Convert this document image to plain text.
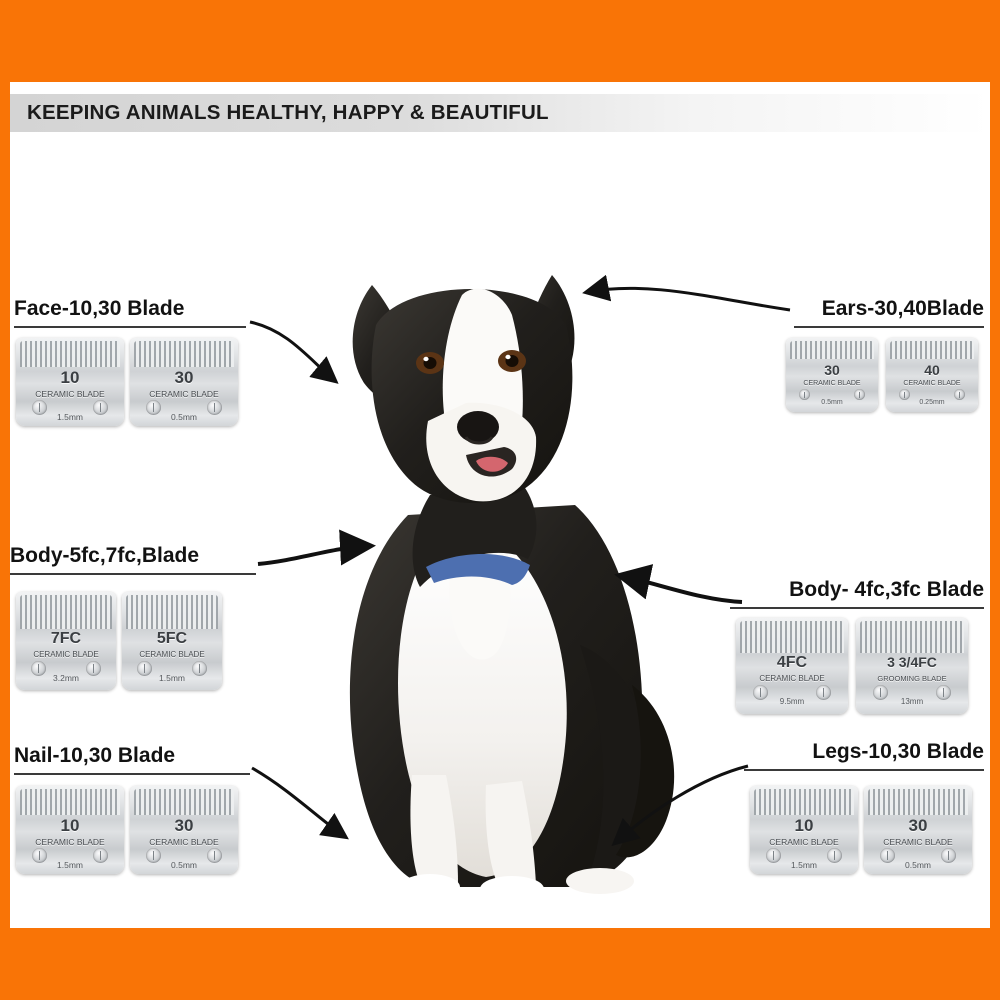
KEEPING ANIMALS HEALTHY, HAPPY & BEAUTIFUL
Face-10,30 Blade
10
CERAMIC BLADE
1.5mm
30
CERAMIC BLADE
0.5mm
Ears-30,40Blade
30
CERAMIC BLADE
0.5mm
40
CERAMIC BLADE
0.25mm
Body-5fc,7fc,Blade
7FC
CERAMIC BLADE
3.2mm
5FC
CERAMIC BLADE
1.5mm
Body- 4fc,3fc Blade
4FC
CERAMIC BLADE
9.5mm
3 3/4FC
GROOMING BLADE
13mm
Nail-10,30 Blade
10
CERAMIC BLADE
1.5mm
30
CERAMIC BLADE
0.5mm
Legs-10,30 Blade
10
CERAMIC BLADE
1.5mm
30
CERAMIC BLADE
0.5mm
